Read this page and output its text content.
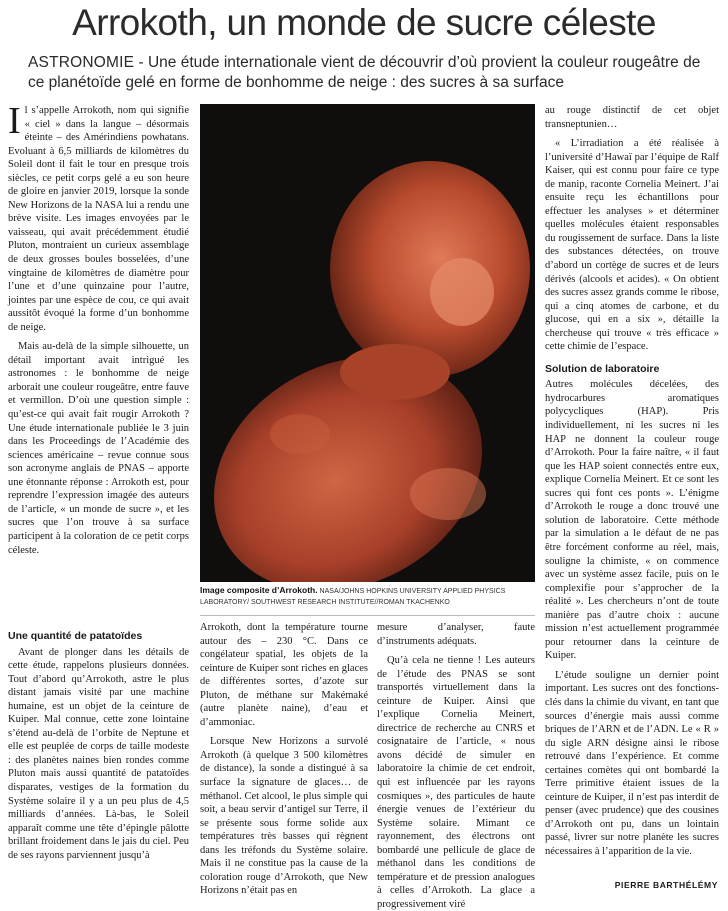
Arrokoth, un monde de sucre céleste
ASTRONOMIE - Une étude internationale vient de découvrir d’où provient la couleur rougeâtre de ce planétoïde gelé en forme de bonhomme de neige : des sucres à sa surface

Il s’appelle Arrokoth, nom qui signifie « ciel » dans la langue – désormais éteinte – des Amérindiens powhatans. Evoluant à 6,5 milliards de kilomètres du Soleil dont il fait le tour en presque trois siècles, ce petit corps gelé a eu son heure de gloire en janvier 2019, lorsque la sonde New Horizons de la NASA lui a rendu une brève visite. Les images envoyées par le vaisseau, qui avait précédemment étudié Pluton, montraient un curieux assemblage de deux grosses boules bosselées, d’une vingtaine de kilomètres de diamètre pour l’une et d’une quinzaine pour l’autre, jointes par une espèce de cou, ce qui avait aussitôt évoqué la forme d’un bonhomme de neige.

Mais au-delà de la simple silhouette, un détail important avait intrigué les astronomes : le bonhomme de neige arborait une couleur rougeâtre, entre fauve et vermillon. D’où une question simple : qu’est-ce qui avait fait rougir Arrokoth ? Une étude internationale publiée le 3 juin dans les Proceedings de l’Académie des sciences américaine – revue connue sous son acronyme anglais de PNAS – apporte une étonnante réponse : Arrokoth est, pour reprendre l’expression imagée des auteurs de l’article, « un monde de sucre », et les sucres que l’on trouve à sa surface participent à la coloration de ce petit corps céleste.

Image composite d’Arrokoth. NASA/JOHNS HOPKINS UNIVERSITY APPLIED PHYSICS LABORATORY/ SOUTHWEST RESEARCH INSTITUTE//ROMAN TKACHENKO
Une quantité de patatoïdes

Avant de plonger dans les détails de cette étude, rappelons plusieurs données. Tout d’abord qu’Arrokoth, astre le plus distant jamais visité par une machine humaine, est un objet de la ceinture de Kuiper. Mal connue, cette zone lointaine s’étend au-delà de l’orbite de Neptune et elle est peuplée de corps de taille modeste : des planètes naines bien rondes comme Pluton mais aussi quantité de patatoïdes disparates, vestiges de la formation du Système solaire il y a un peu plus de 4,5 milliards d’années. Là-bas, le Soleil apparaît comme une tête d’épingle pâlotte brillant froidement dans le jais du ciel. Peu de ses rayons parviennent jusqu’à

Arrokoth, dont la température tourne autour des – 230 °C. Dans ce congélateur spatial, les objets de la ceinture de Kuiper sont riches en glaces de différentes sortes, d’azote sur Pluton, de méthane sur Makémaké (autre planète naine), d’eau et d’ammoniac.

Lorsque New Horizons a survolé Arrokoth (à quelque 3 500 kilomètres de distance), la sonde a distingué à sa surface la signature de glaces… de méthanol. Cet alcool, le plus simple qui soit, a beau servir d’antigel sur Terre, il se présente sous forme solide aux températures très basses qui règnent dans les tréfonds du Système solaire. Mais il ne constitue pas la cause de la coloration rouge d’Arrokoth, que New Horizons n’était pas en

mesure d’analyser, faute d’instruments adéquats.

Qu’à cela ne tienne ! Les auteurs de l’étude des PNAS se sont transportés virtuellement dans la ceinture de Kuiper. Ainsi que l’explique Cornelia Meinert, directrice de recherche au CNRS et cosignataire de l’article, « nous avons décidé de simuler en laboratoire la chimie de cet endroit, qui est influencée par les rayons cosmiques », des particules de haute énergie venues de l’extérieur du Système solaire. Mimant ce rayonnement, des électrons ont bombardé une pellicule de glace de méthanol dans les conditions de température et de pression analogues à celles d’Arrokoth. La glace a progressivement viré

au rouge distinctif de cet objet transneptunien…

« L’irradiation a été réalisée à l’université d’Hawaï par l’équipe de Ralf Kaiser, qui est connu pour faire ce type de manip, raconte Cornelia Meinert. J’ai ensuite reçu les échantillons pour effectuer les analyses » et déterminer quelles molécules étaient responsables du rougissement de surface. Dans la liste des substances détectées, on trouve d’abord un cortège de sucres et de leurs dérivés (alcools et acides). « On obtient des sucres assez grands comme le ribose, qui a cinq atomes de carbone, et du glucose, qui en a six », détaille la chercheuse qui trouve « très efficace » cette chimie de l’espace.

Solution de laboratoire

Autres molécules décelées, des hydrocarbures aromatiques polycycliques (HAP). Pris individuellement, ni les sucres ni les HAP ne donnent la couleur rouge d’Arrokoth. Pour la faire naître, « il faut que les HAP soient connectés entre eux, explique Cornelia Meinert. Et ce sont les sucres qui font ces ponts ». L’énigme d’Arrokoth le rouge a donc trouvé une solution de laboratoire. Cette méthode par la simulation a le défaut de ne pas être forcément conforme au réel, mais, souligne la chimiste, « on commence avec un système assez facile, puis on le complexifie pour s’approcher de la réalité ». Les chercheurs n’ont de toute manière pas d’autre choix : aucune mission n’est actuellement programmée pour retourner dans la ceinture de Kuiper.

L’étude souligne un dernier point important. Les sucres ont des fonctions-clés dans la chimie du vivant, en tant que sources d’énergie mais aussi comme briques de l’ARN et de l’ADN. Le « R » du sigle ARN désigne ainsi le ribose retrouvé dans l’expérience. Et comme certaines comètes qui ont bombardé la Terre primitive étaient issues de la ceinture de Kuiper, il n’est pas interdit de penser (avec prudence) que des cousines d’Arrokoth ont pu, dans un lointain passé, livrer sur notre planète les sucres nécessaires à l’apparition de la vie.

PIERRE BARTHÉLÉMY
